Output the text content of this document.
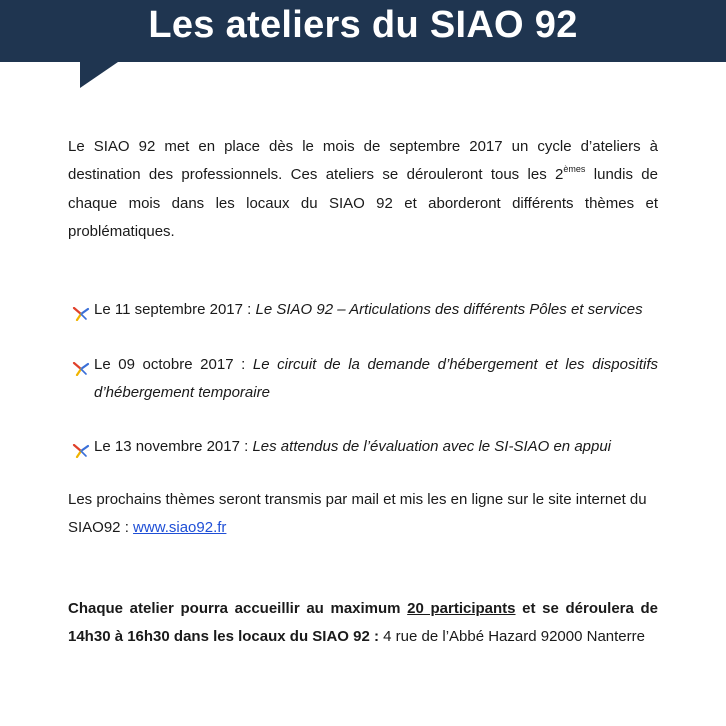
Les ateliers du SIAO 92
Le SIAO 92 met en place dès le mois de septembre 2017 un cycle d’ateliers à destination des professionnels. Ces ateliers se dérouleront tous les 2èmes lundis de chaque mois dans les locaux du SIAO 92 et aborderont différents thèmes et problématiques.
Le 11 septembre 2017 : Le SIAO 92 – Articulations des différents Pôles et services
Le 09 octobre 2017 : Le circuit de la demande d’hébergement et les dispositifs d’hébergement temporaire
Le 13 novembre 2017 : Les attendus de l’évaluation avec le SI-SIAO en appui
Les prochains thèmes seront transmis par mail et mis les en ligne sur le site internet du SIAO92 : www.siao92.fr
Chaque atelier pourra accueillir au maximum 20 participants et se déroulera de 14h30 à 16h30 dans les locaux du SIAO 92 : 4 rue de l’Abbé Hazard 92000 Nanterre
